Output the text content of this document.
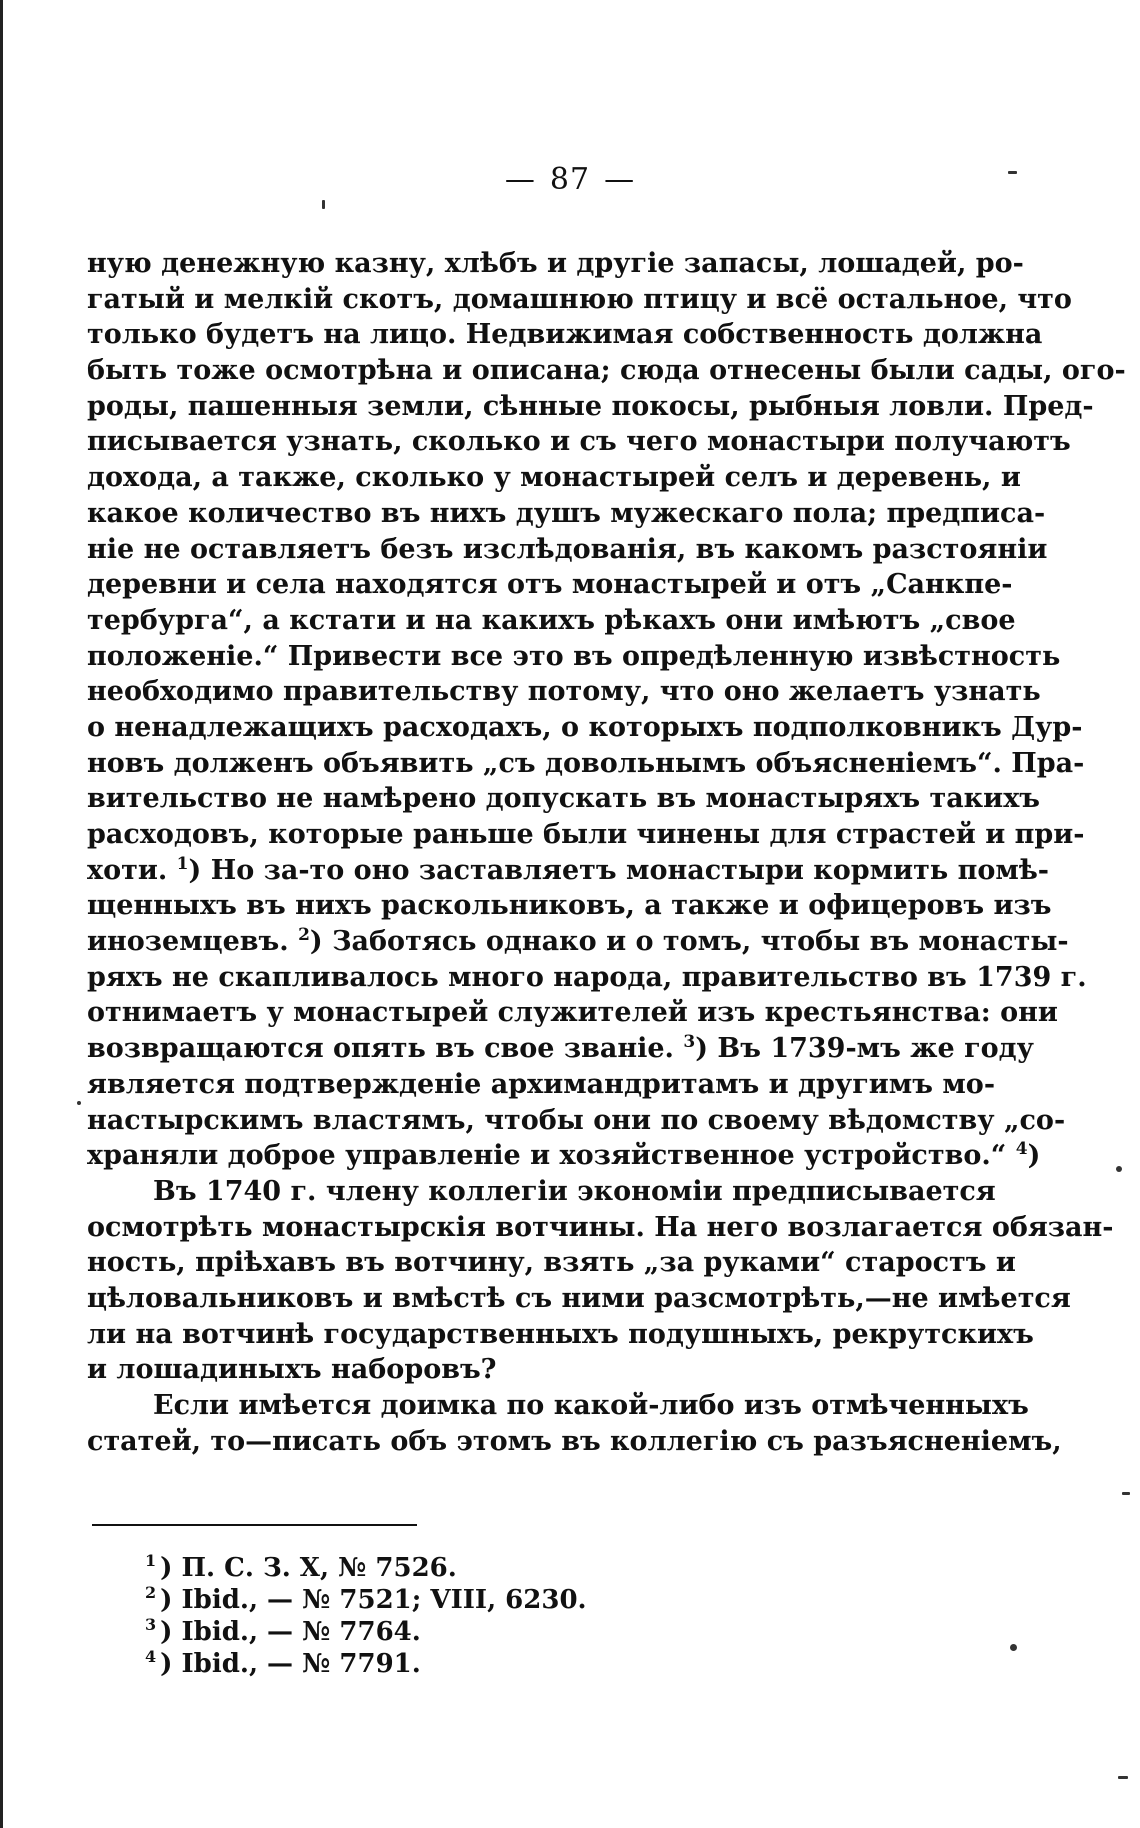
— 87 —
ную денежную казну, хлѣбъ и другіе запасы, лошадей, ро-
гатый и мелкій скотъ, домашнюю птицу и всё остальное, что
только будетъ на лицо. Недвижимая собственность должна
быть тоже осмотрѣна и описана; сюда отнесены были сады, ого-
роды, пашенныя земли, сѣнные покосы, рыбныя ловли. Пред-
писывается узнать, сколько и съ чего монастыри получаютъ
дохода, а также, сколько у монастырей селъ и деревень, и
какое количество въ нихъ душъ мужескаго пола; предписа-
ніе не оставляетъ безъ изслѣдованія, въ какомъ разстояніи
деревни и села находятся отъ монастырей и отъ „Санкпе-
тербурга“, а кстати и на какихъ рѣкахъ они имѣютъ „свое
положеніе.“ Привести все это въ опредѣленную извѣстность
необходимо правительству потому, что оно желаетъ узнать
о ненадлежащихъ расходахъ, о которыхъ подполковникъ Дур-
новъ долженъ объявить „съ довольнымъ объясненіемъ“. Пра-
вительство не намѣрено допускать въ монастыряхъ такихъ
расходовъ, которые раньше были чинены для страстей и при-
хоти. $^1$) Но за-то оно заставляетъ монастыри кормить помѣ-
щенныхъ въ нихъ раскольниковъ, а также и офицеровъ изъ
иноземцевъ. $^2$) Заботясь однако и о томъ, чтобы въ монасты-
ряхъ не скапливалось много народа, правительство въ 1739 г.
отнимаетъ у монастырей служителей изъ крестьянства: они
возвращаются опять въ свое званіе. $^3$) Въ 1739-мъ же году
является подтвержденіе архимандритамъ и другимъ мо-
настырскимъ властямъ, чтобы они по своему вѣдомству „со-
храняли доброе управленіе и хозяйственное устройство.“ $^4$)
Въ 1740 г. члену коллегіи экономіи предписывается
осмотрѣть монастырскія вотчины. На него возлагается обязан-
ность, пріѣхавъ въ вотчину, взять „за руками“ старостъ и
цѣловальниковъ и вмѣстѣ съ ними разсмотрѣть,—не имѣется
ли на вотчинѣ государственныхъ подушныхъ, рекрутскихъ
и лошадиныхъ наборовъ?
Если имѣется доимка по какой-либо изъ отмѣченныхъ
статей, то—писать объ этомъ въ коллегію съ разъясненіемъ,
$^1$ ) П. С. З. X, № 7526.
$^2$ ) Ibid., — № 7521; VIII, 6230.
$^3$ ) Ibid., — № 7764.
$^4$ ) Ibid., — № 7791.
